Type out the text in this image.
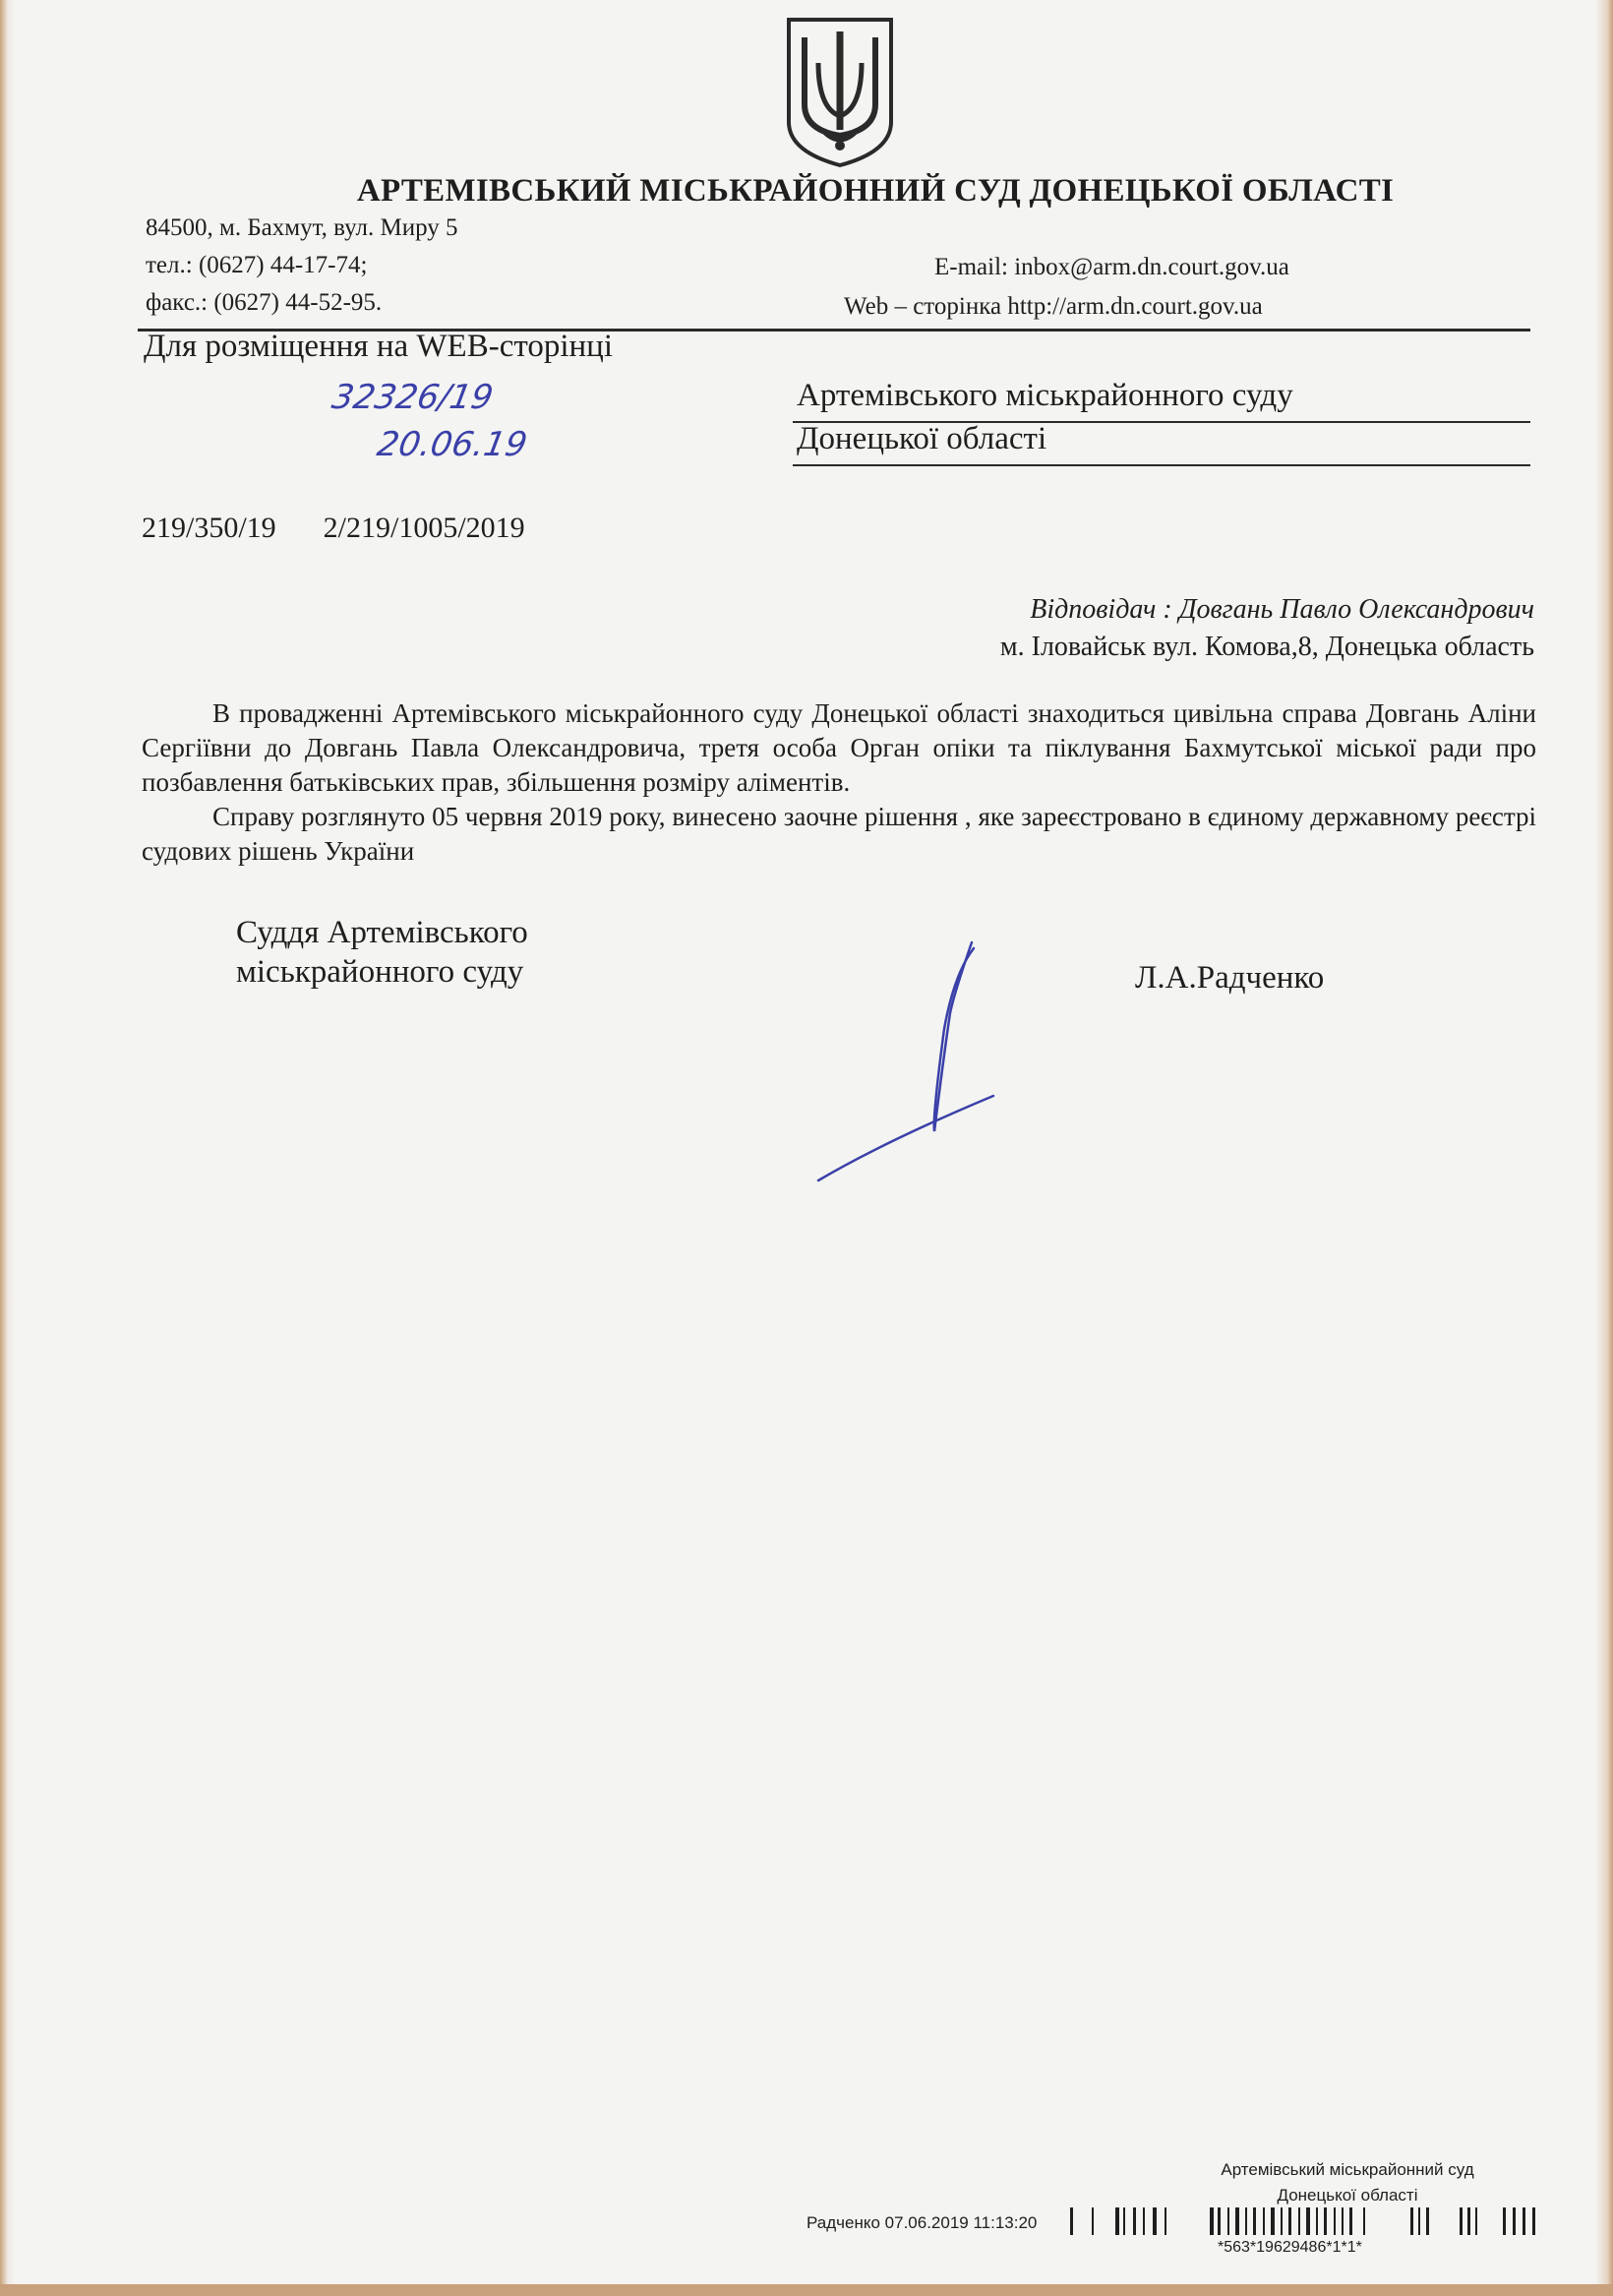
АРТЕМІВСЬКИЙ МІСЬКРАЙОННИЙ СУД ДОНЕЦЬКОЇ ОБЛАСТІ
84500, м. Бахмут, вул. Миру 5
тел.: (0627) 44-17-74;
факс.: (0627) 44-52-95.
E-mail: inbox@arm.dn.court.gov.ua
Web – сторінка http://arm.dn.court.gov.ua
Для розміщення на WEB-сторінці
32326/19
20.06.19
Артемівського міськрайонного суду
Донецької області
219/350/19 2/219/1005/2019
Відповідач : Довгань Павло Олександрович
м. Іловайськ вул. Комова,8, Донецька область

В провадженні Артемівського міськрайонного суду Донецької області знаходиться цивільна справа Довгань Аліни Сергіївни до Довгань Павла Олександровича, третя особа Орган опіки та піклування Бахмутської міської ради про позбавлення батьківських прав, збільшення розміру аліментів.

Справу розглянуто 05 червня 2019 року, винесено заочне рішення , яке зареєстровано в єдиному державному реєстрі судових рішень України

Суддя Артемівського
міськрайонного суду	Л.А.Радченко
Артемівський міськрайонний суд
Донецької області
Радченко 07.06.2019 11:13:20
*563*19629486*1*1*
